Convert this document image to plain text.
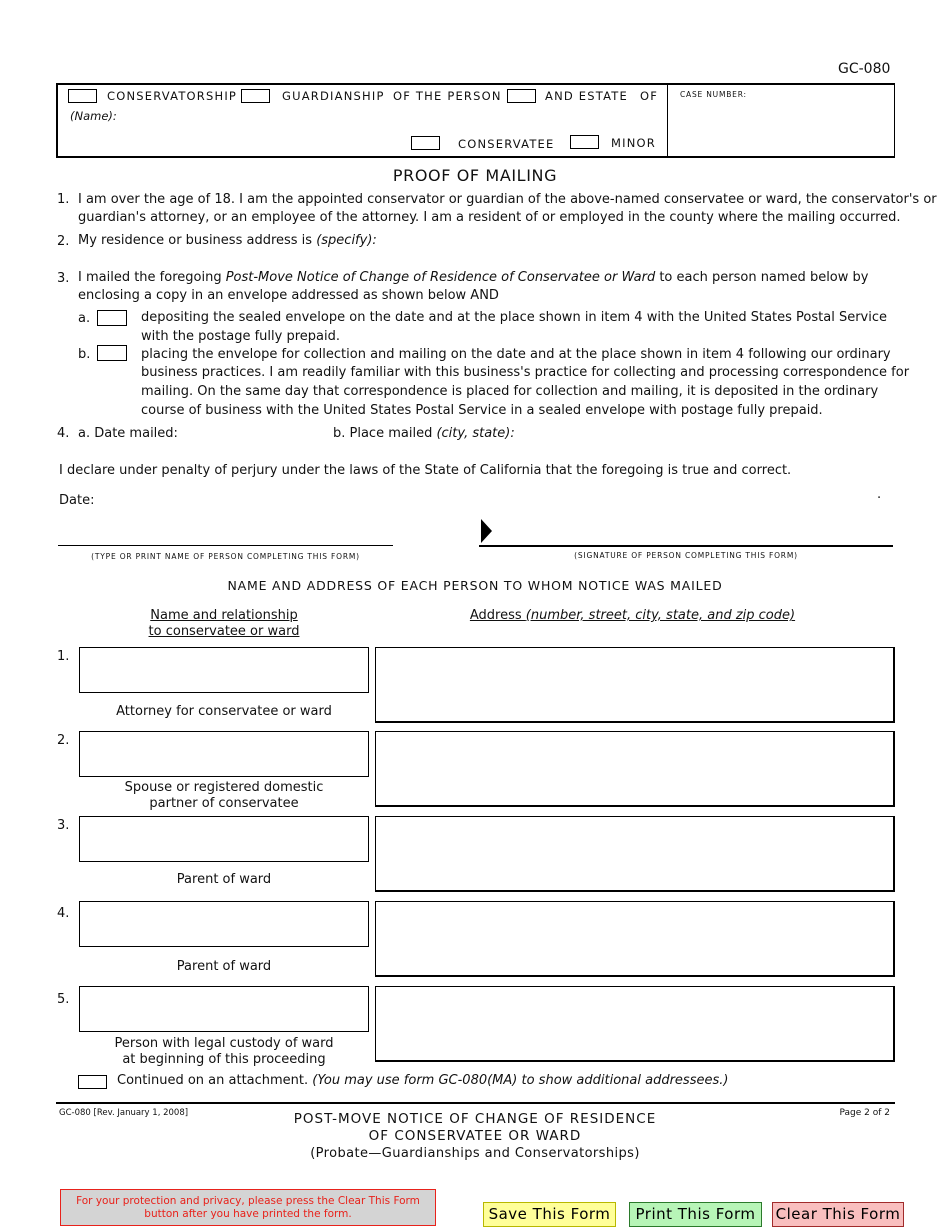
GC-080
CONSERVATORSHIP	GUARDIANSHIP OF THE PERSON	AND ESTATE OF
(Name):
CONSERVATEE	MINOR
CASE NUMBER:
PROOF OF MAILING
1. I am over the age of 18. I am the appointed conservator or guardian of the above-named conservatee or ward, the conservator's or
guardian's attorney, or an employee of the attorney. I am a resident of or employed in the county where the mailing occurred.
2. My residence or business address is (specify):
3. I mailed the foregoing Post-Move Notice of Change of Residence of Conservatee or Ward to each person named below by
enclosing a copy in an envelope addressed as shown below AND
a.	depositing the sealed envelope on the date and at the place shown in item 4 with the United States Postal Service
with the postage fully prepaid.
b.	placing the envelope for collection and mailing on the date and at the place shown in item 4 following our ordinary
business practices. I am readily familiar with this business's practice for collecting and processing correspondence for
mailing. On the same day that correspondence is placed for collection and mailing, it is deposited in the ordinary
course of business with the United States Postal Service in a sealed envelope with postage fully prepaid.
4. a. Date mailed:	b. Place mailed (city, state):
I declare under penalty of perjury under the laws of the State of California that the foregoing is true and correct.
Date:	.
(TYPE OR PRINT NAME OF PERSON COMPLETING THIS FORM)	(SIGNATURE OF PERSON COMPLETING THIS FORM)
NAME AND ADDRESS OF EACH PERSON TO WHOM NOTICE WAS MAILED
Name and relationship
to conservatee or ward
Address (number, street, city, state, and zip code)
1.
Attorney for conservatee or ward
2.
Spouse or registered domestic
partner of conservatee
3.
Parent of ward
4.
Parent of ward
5.
Person with legal custody of ward
at beginning of this proceeding
Continued on an attachment. (You may use form GC-080(MA) to show additional addressees.)
GC-080 [Rev. January 1, 2008]	Page 2 of 2
POST-MOVE NOTICE OF CHANGE OF RESIDENCE
OF CONSERVATEE OR WARD
(Probate—Guardianships and Conservatorships)
For your protection and privacy, please press the Clear This Form button after you have printed the form.	Save This Form	Print This Form	Clear This Form
